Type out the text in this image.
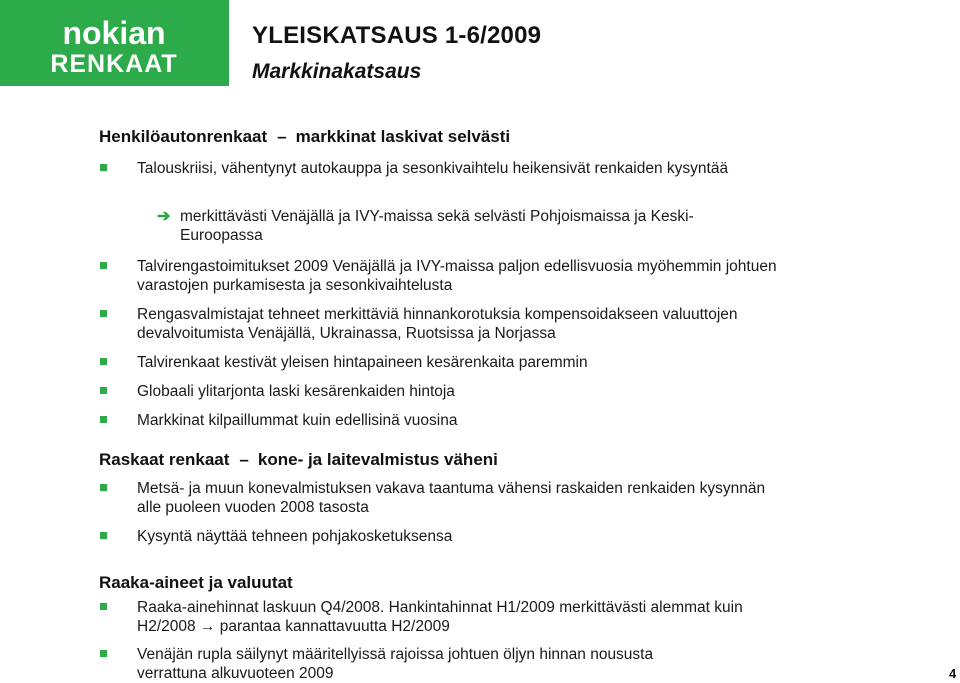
nokian
RENKAAT
YLEISKATSAUS 1-6/2009
Markkinakatsaus
Henkilöautonrenkaat – markkinat laskivat selvästi
Talouskriisi, vähentynyt autokauppa ja sesonkivaihtelu heikensivät renkaiden kysyntää
➔ merkittävästi Venäjällä ja IVY-maissa sekä selvästi Pohjoismaissa ja Keski-Euroopassa
Talvirengastoimitukset 2009 Venäjällä ja IVY-maissa paljon edellisvuosia myöhemmin johtuen varastojen purkamisesta ja sesonkivaihtelusta
Rengasvalmistajat tehneet merkittäviä hinnankorotuksia kompensoidakseen valuuttojen devalvoitumista Venäjällä, Ukrainassa, Ruotsissa ja Norjassa
Talvirenkaat kestivät yleisen hintapaineen kesärenkaita paremmin
Globaali ylitarjonta laski kesärenkaiden hintoja
Markkinat kilpaillummat kuin edellisinä vuosina
Raskaat renkaat – kone- ja laitevalmistus väheni
Metsä- ja muun konevalmistuksen vakava taantuma vähensi raskaiden renkaiden kysynnän alle puoleen vuoden 2008 tasosta
Kysyntä näyttää tehneen pohjakosketuksensa
Raaka-aineet ja valuutat
Raaka-ainehinnat laskuun Q4/2008. Hankintahinnat H1/2009 merkittävästi alemmat kuin H2/2008 → parantaa kannattavuutta H2/2009
Venäjän rupla säilynyt määritellyissä rajoissa johtuen öljyn hinnan noususta verrattuna alkuvuoteen 2009	4
